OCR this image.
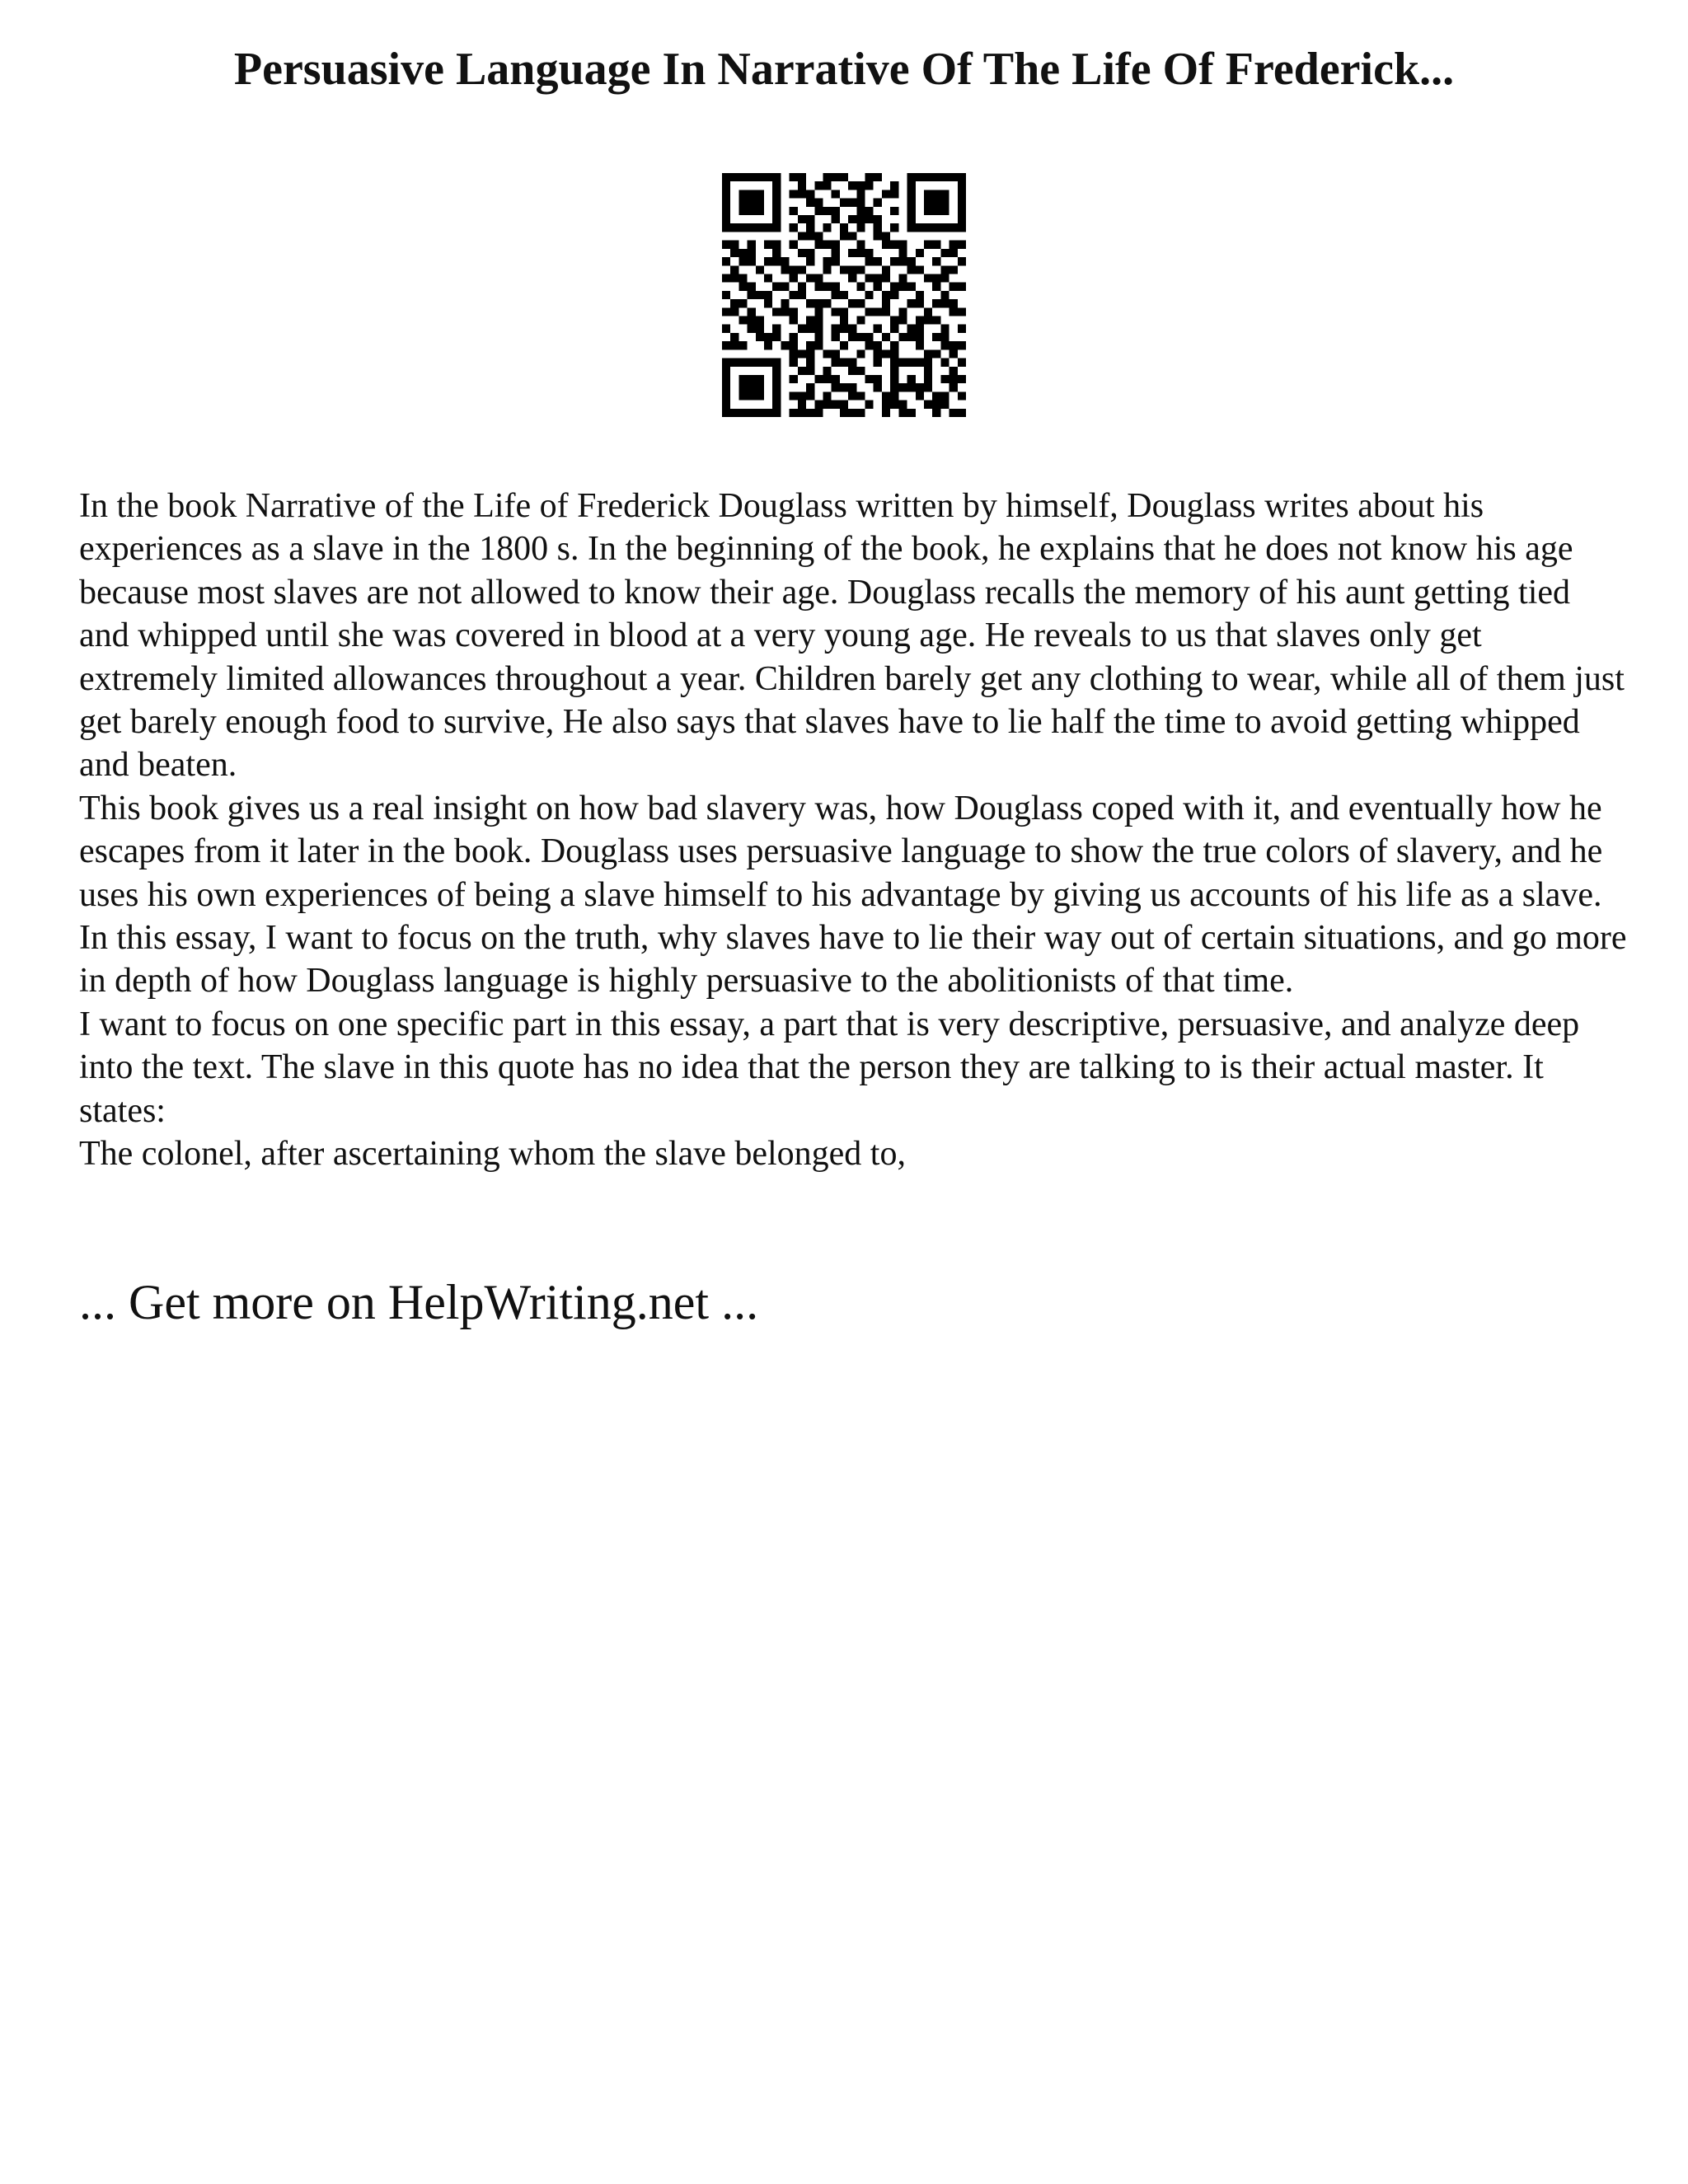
Persuasive Language In Narrative Of The Life Of Frederick...

In the book Narrative of the Life of Frederick Douglass written by himself, Douglass writes about his experiences as a slave in the 1800 s. In the beginning of the book, he explains that he does not know his age because most slaves are not allowed to know their age. Douglass recalls the memory of his aunt getting tied and whipped until she was covered in blood at a very young age. He reveals to us that slaves only get extremely limited allowances throughout a year. Children barely get any clothing to wear, while all of them just get barely enough food to survive, He also says that slaves have to lie half the time to avoid getting whipped and beaten.

This book gives us a real insight on how bad slavery was, how Douglass coped with it, and eventually how he escapes from it later in the book. Douglass uses persuasive language to show the true colors of slavery, and he uses his own experiences of being a slave himself to his advantage by giving us accounts of his life as a slave. In this essay, I want to focus on the truth, why slaves have to lie their way out of certain situations, and go more in depth of how Douglass language is highly persuasive to the abolitionists of that time.

I want to focus on one specific part in this essay, a part that is very descriptive, persuasive, and analyze deep into the text. The slave in this quote has no idea that the person they are talking to is their actual master. It states:

The colonel, after ascertaining whom the slave belonged to,

... Get more on HelpWriting.net ...
